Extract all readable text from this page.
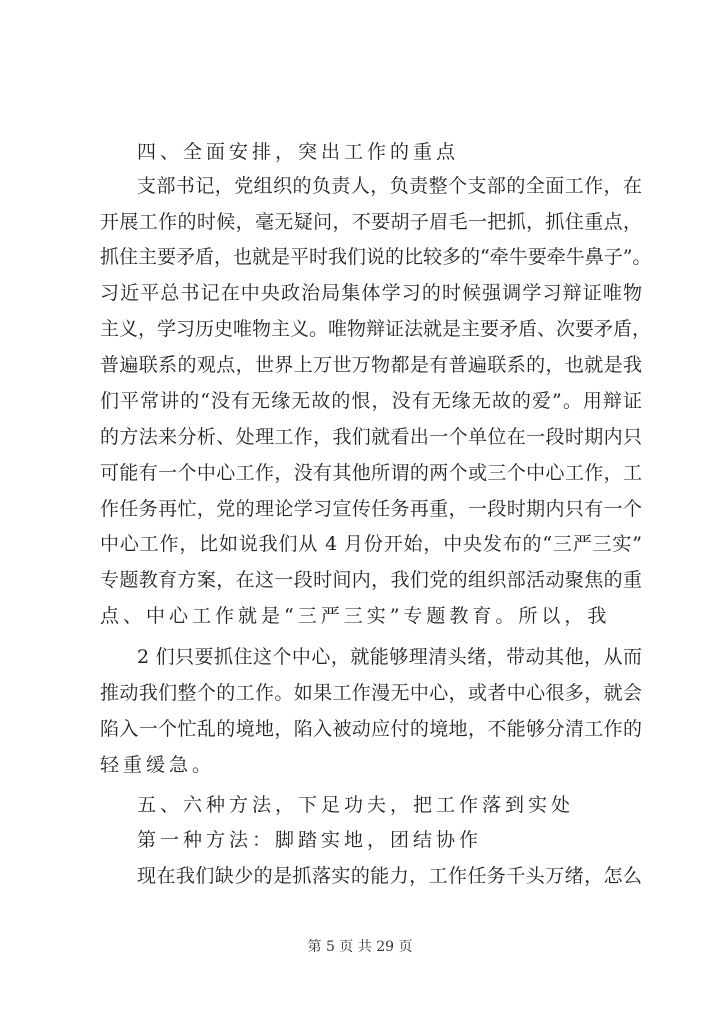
四、全面安排，突出工作的重点
支部书记，党组织的负责人，负责整个支部的全面工作，在
开展工作的时候，毫无疑问，不要胡子眉毛一把抓，抓住重点，
抓住主要矛盾，也就是平时我们说的比较多的“牵牛要牵牛鼻子”。
习近平总书记在中央政治局集体学习的时候强调学习辩证唯物
主义，学习历史唯物主义。唯物辩证法就是主要矛盾、次要矛盾，
普遍联系的观点，世界上万世万物都是有普遍联系的，也就是我
们平常讲的“没有无缘无故的恨，没有无缘无故的爱”。用辩证
的方法来分析、处理工作，我们就看出一个单位在一段时期内只
可能有一个中心工作，没有其他所谓的两个或三个中心工作，工
作任务再忙，党的理论学习宣传任务再重，一段时期内只有一个
中心工作，比如说我们从 4 月份开始，中央发布的“三严三实”
专题教育方案，在这一段时间内，我们党的组织部活动聚焦的重
点、中心工作就是“三严三实”专题教育。所以，我
2 们只要抓住这个中心，就能够理清头绪，带动其他，从而
推动我们整个的工作。如果工作漫无中心，或者中心很多，就会
陷入一个忙乱的境地，陷入被动应付的境地，不能够分清工作的
轻重缓急。
五、六种方法，下足功夫，把工作落到实处
第一种方法：脚踏实地，团结协作
现在我们缺少的是抓落实的能力，工作任务千头万绪，怎么
第 5 页 共 29 页
